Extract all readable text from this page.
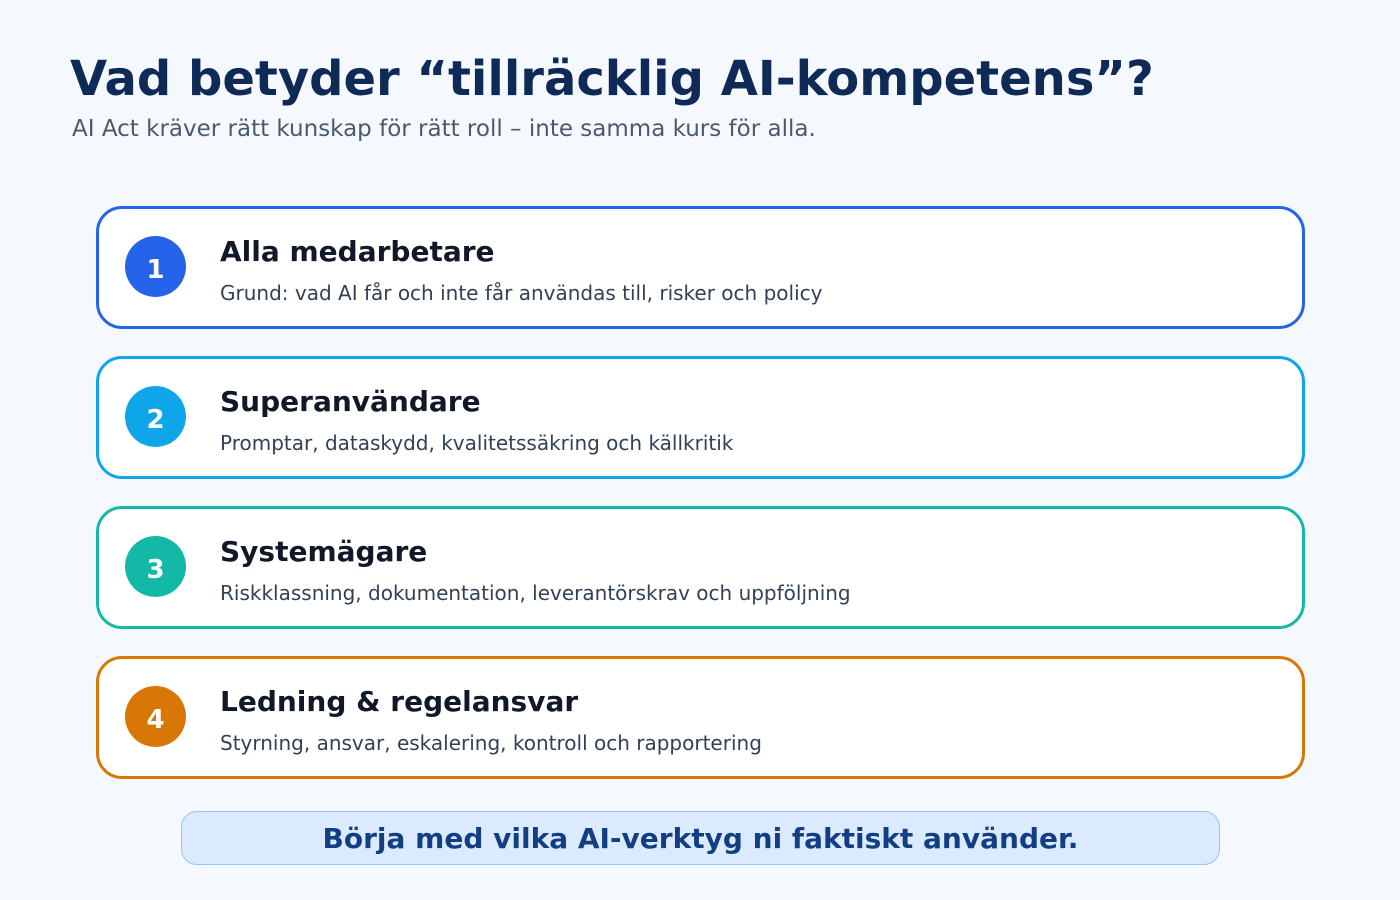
Vad betyder “tillräcklig AI-kompetens”?

AI Act kräver rätt kunskap för rätt roll – inte samma kurs för alla.

1

Alla medarbetare

Grund: vad AI får och inte får användas till, risker och policy

2

Superanvändare

Promptar, dataskydd, kvalitetssäkring och källkritik

3

Systemägare

Riskklassning, dokumentation, leverantörskrav och uppföljning

4

Ledning & regelansvar

Styrning, ansvar, eskalering, kontroll och rapportering

Börja med vilka AI-verktyg ni faktiskt använder.
